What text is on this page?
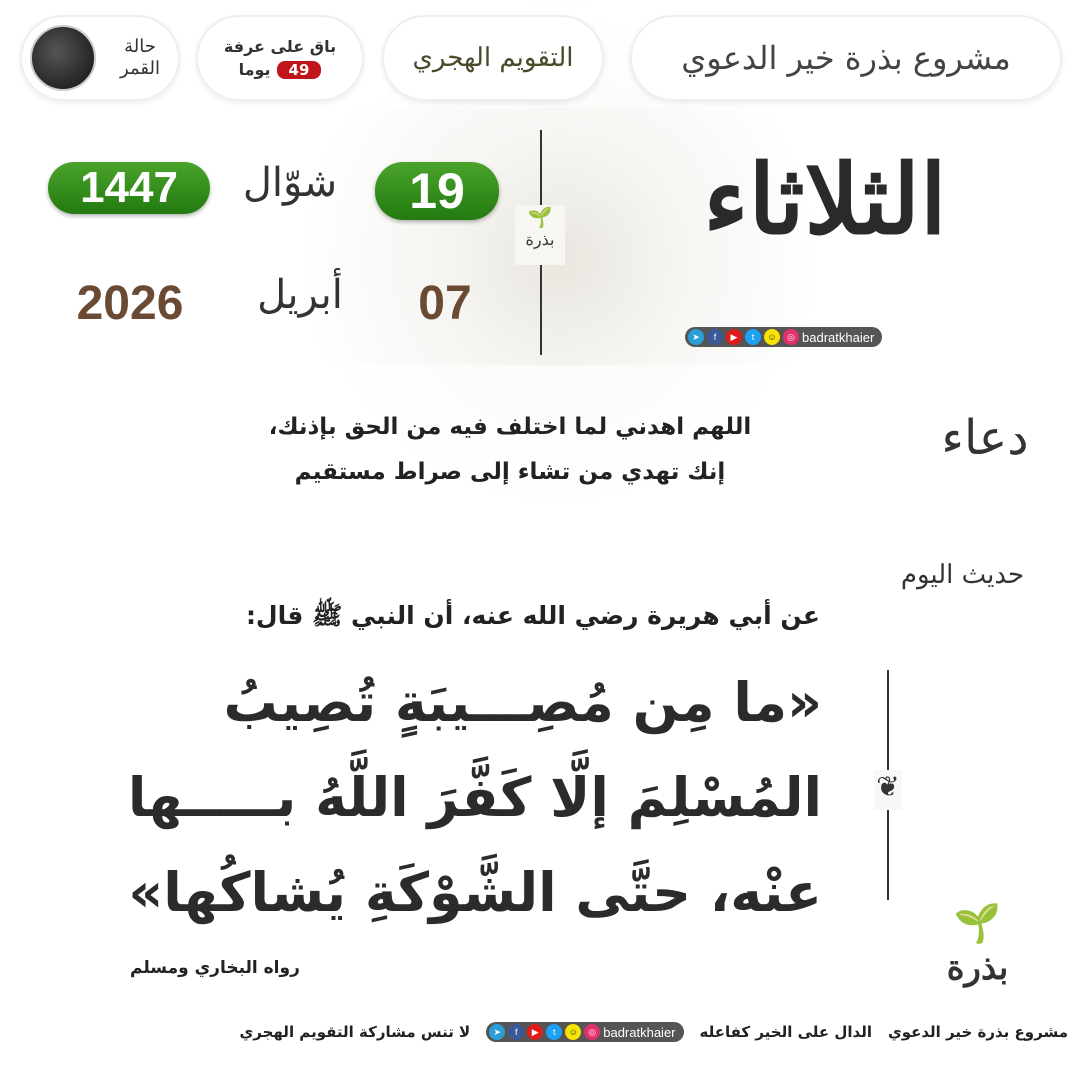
حالة القمر
باق على عرفة
49
يوما	التقويم الهجري	مشروع بذرة خير الدعوي
الثلاثاء
🌱
بذرة
19
شوّال
1447
07
أبريل
2026
➤	f	▶	t	☺	◎ badratkhaier
دعاء
اللهم اهدني لما اختلف فيه من الحق بإذنك،
إنك تهدي من تشاء إلى صراط مستقيم
حديث اليوم
عن أبي هريرة رضي الله عنه، أن النبي ﷺ قال:
«ما مِن مُصِـــيبَةٍ تُصِيبُ
المُسْلِمَ إلَّا كَفَّرَ اللَّهُ بـــــها
عنْه، حتَّى الشَّوْكَةِ يُشاكُها»
❦
رواه البخاري ومسلم
🌱
بذرة
مشروع بذرة خير الدعوي
الدال على الخير كفاعله
➤	f	▶	t	☺	◎ badratkhaier
لا تنس مشاركة التقويم الهجري
